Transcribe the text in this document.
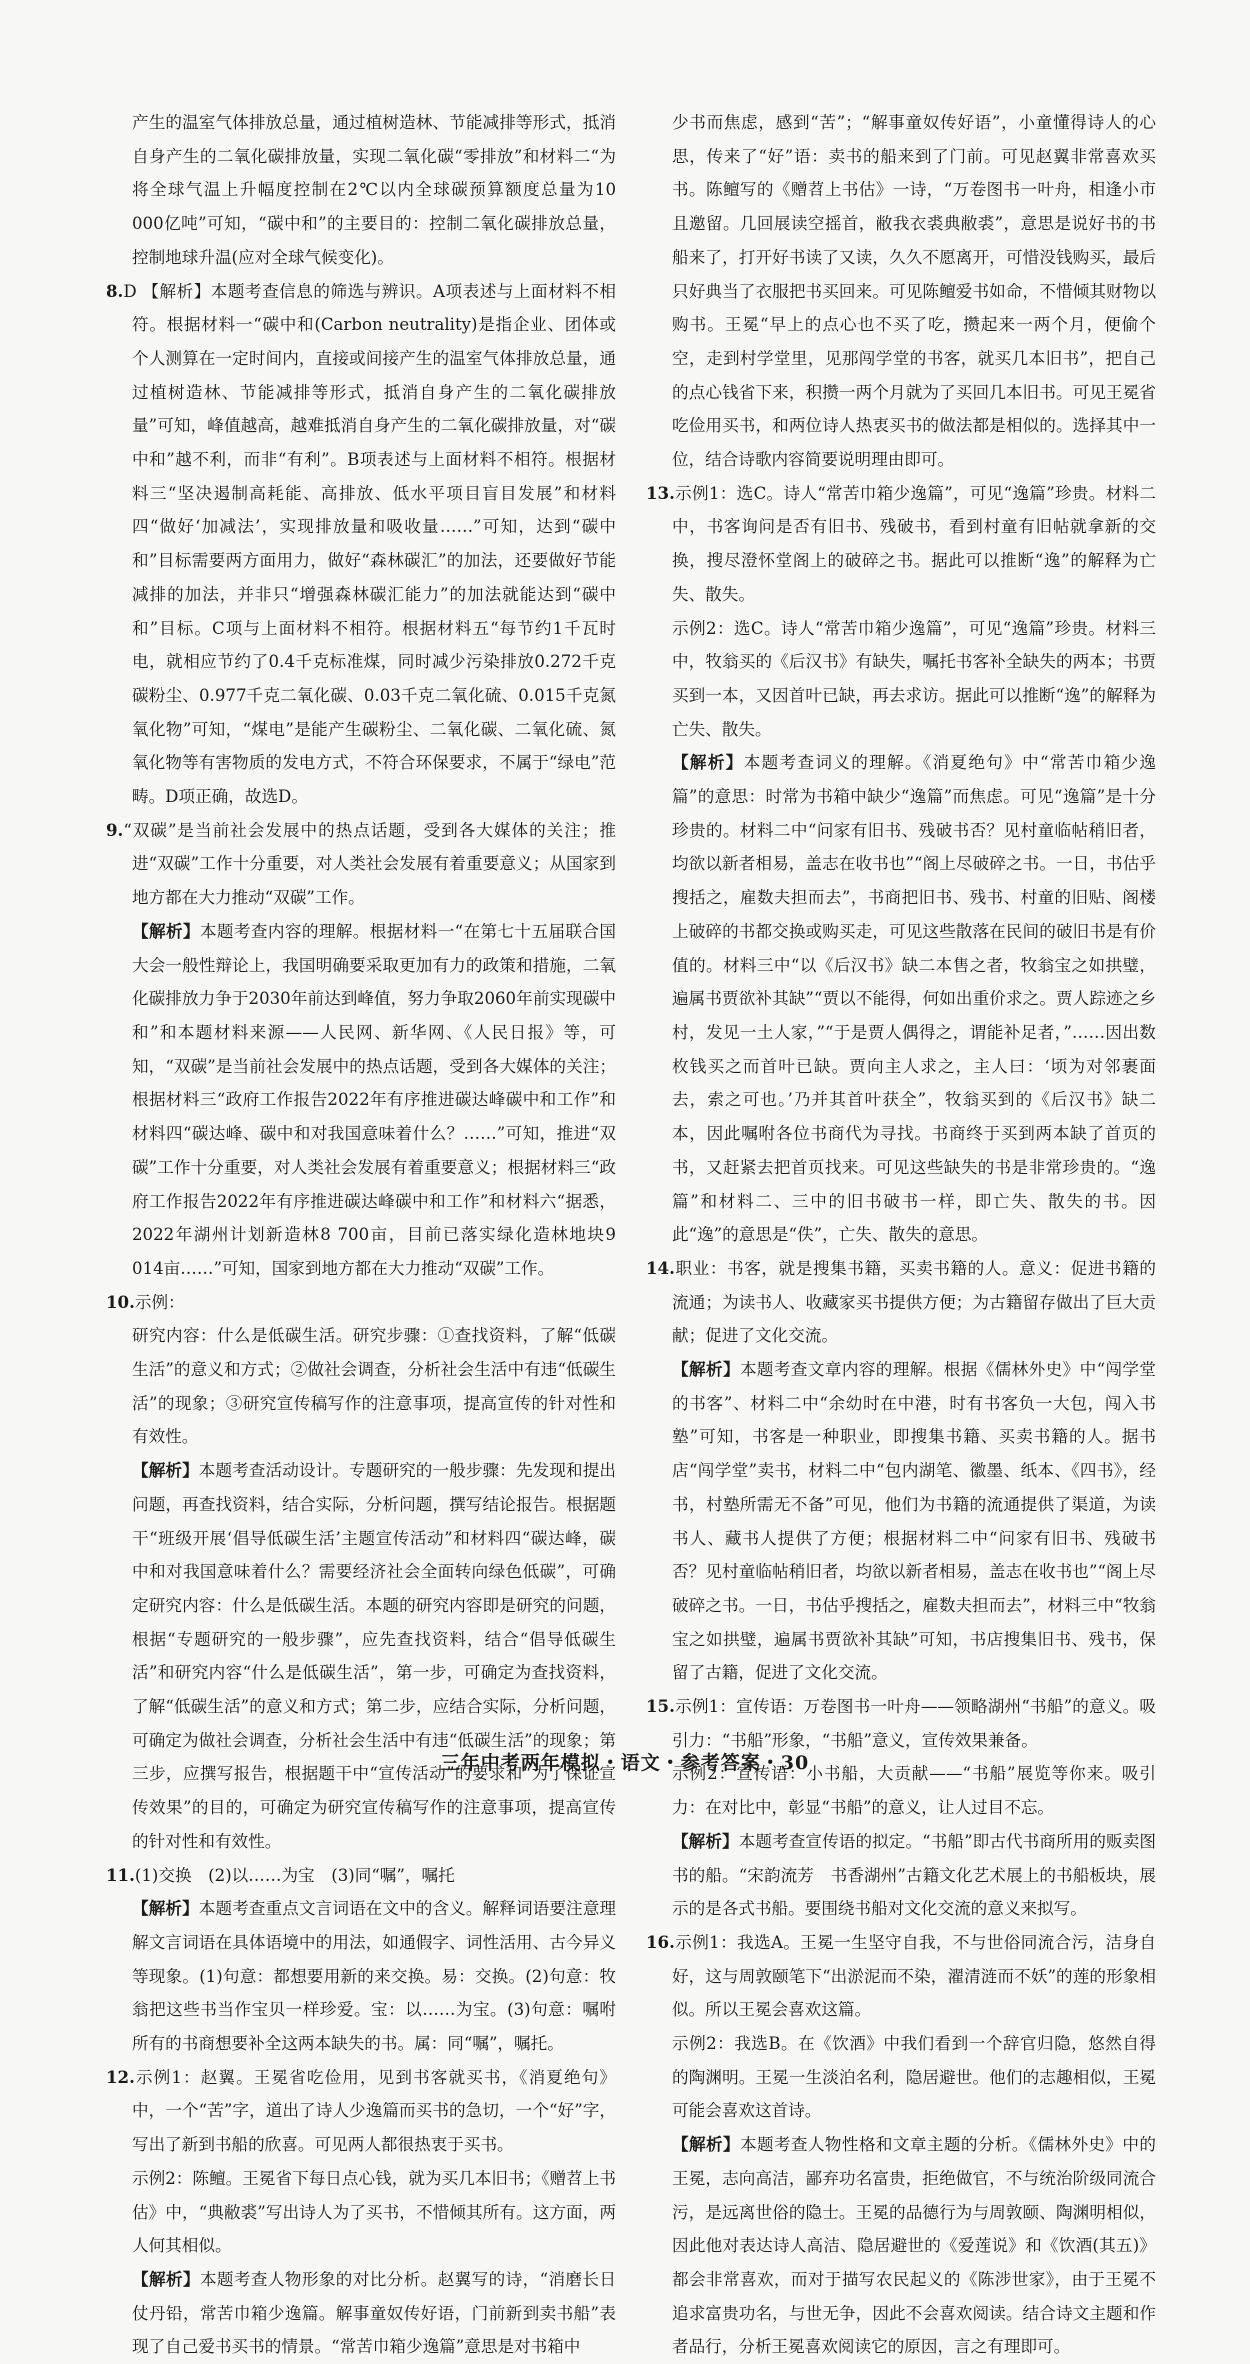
产生的温室气体排放总量，通过植树造林、节能减排等形式，抵消自身产生的二氧化碳排放量，实现二氧化碳“零排放”和材料二“为将全球气温上升幅度控制在2℃以内全球碳预算额度总量为10 000亿吨”可知，“碳中和”的主要目的：控制二氧化碳排放总量，控制地球升温(应对全球气候变化)。

8.D 【解析】本题考查信息的筛选与辨识。A项表述与上面材料不相符。根据材料一“碳中和(Carbon neutrality)是指企业、团体或个人测算在一定时间内，直接或间接产生的温室气体排放总量，通过植树造林、节能减排等形式，抵消自身产生的二氧化碳排放量”可知，峰值越高，越难抵消自身产生的二氧化碳排放量，对“碳中和”越不利，而非“有利”。B项表述与上面材料不相符。根据材料三“坚决遏制高耗能、高排放、低水平项目盲目发展”和材料四“做好‘加减法’，实现排放量和吸收量……”可知，达到“碳中和”目标需要两方面用力，做好“森林碳汇”的加法，还要做好节能减排的加法，并非只“增强森林碳汇能力”的加法就能达到“碳中和”目标。C项与上面材料不相符。根据材料五“每节约1千瓦时电，就相应节约了0.4千克标准煤，同时减少污染排放0.272千克碳粉尘、0.977千克二氧化碳、0.03千克二氧化硫、0.015千克氮氧化物”可知，“煤电”是能产生碳粉尘、二氧化碳、二氧化硫、氮氧化物等有害物质的发电方式，不符合环保要求，不属于“绿电”范畴。D项正确，故选D。

9.“双碳”是当前社会发展中的热点话题，受到各大媒体的关注；推进“双碳”工作十分重要，对人类社会发展有着重要意义；从国家到地方都在大力推动“双碳”工作。

【解析】本题考查内容的理解。根据材料一“在第七十五届联合国大会一般性辩论上，我国明确要采取更加有力的政策和措施，二氧化碳排放力争于2030年前达到峰值，努力争取2060年前实现碳中和”和本题材料来源——人民网、新华网、《人民日报》等，可知，“双碳”是当前社会发展中的热点话题，受到各大媒体的关注；根据材料三“政府工作报告2022年有序推进碳达峰碳中和工作”和材料四“碳达峰、碳中和对我国意味着什么？……”可知，推进“双碳”工作十分重要，对人类社会发展有着重要意义；根据材料三“政府工作报告2022年有序推进碳达峰碳中和工作”和材料六“据悉，2022年湖州计划新造林8 700亩，目前已落实绿化造林地块9 014亩……”可知，国家到地方都在大力推动“双碳”工作。

10.示例：

研究内容：什么是低碳生活。研究步骤：①查找资料，了解“低碳生活”的意义和方式；②做社会调查，分析社会生活中有违“低碳生活”的现象；③研究宣传稿写作的注意事项，提高宣传的针对性和有效性。

【解析】本题考查活动设计。专题研究的一般步骤：先发现和提出问题，再查找资料，结合实际，分析问题，撰写结论报告。根据题干“班级开展‘倡导低碳生活’主题宣传活动”和材料四“碳达峰，碳中和对我国意味着什么？需要经济社会全面转向绿色低碳”，可确定研究内容：什么是低碳生活。本题的研究内容即是研究的问题，根据“专题研究的一般步骤”，应先查找资料，结合“倡导低碳生活”和研究内容“什么是低碳生活”，第一步，可确定为查找资料，了解“低碳生活”的意义和方式；第二步，应结合实际，分析问题，可确定为做社会调查，分析社会生活中有违“低碳生活”的现象；第三步，应撰写报告，根据题干中“宣传活动”的要求和“为了保证宣传效果”的目的，可确定为研究宣传稿写作的注意事项，提高宣传的针对性和有效性。

11.(1)交换　(2)以……为宝　(3)同“嘱”，嘱托

【解析】本题考查重点文言词语在文中的含义。解释词语要注意理解文言词语在具体语境中的用法，如通假字、词性活用、古今异义等现象。(1)句意：都想要用新的来交换。易：交换。(2)句意：牧翁把这些书当作宝贝一样珍爱。宝：以……为宝。(3)句意：嘱咐所有的书商想要补全这两本缺失的书。属：同“嘱”，嘱托。

12.示例1：赵翼。王冕省吃俭用，见到书客就买书，《消夏绝句》中，一个“苦”字，道出了诗人少逸篇而买书的急切，一个“好”字，写出了新到书船的欣喜。可见两人都很热衷于买书。

示例2：陈鳣。王冕省下每日点心钱，就为买几本旧书；《赠苕上书估》中，“典敝裘”写出诗人为了买书，不惜倾其所有。这方面，两人何其相似。

【解析】本题考查人物形象的对比分析。赵翼写的诗，“消磨长日仗丹铅，常苦巾箱少逸篇。解事童奴传好语，门前新到卖书船”表现了自己爱书买书的情景。“常苦巾箱少逸篇”意思是对书箱中

少书而焦虑，感到“苦”；“解事童奴传好语”，小童懂得诗人的心思，传来了“好”语：卖书的船来到了门前。可见赵翼非常喜欢买书。陈鳣写的《赠苕上书估》一诗，“万卷图书一叶舟，相逢小市且邀留。几回展读空摇首，敝我衣裘典敝裘”，意思是说好书的书船来了，打开好书读了又读，久久不愿离开，可惜没钱购买，最后只好典当了衣服把书买回来。可见陈鳣爱书如命，不惜倾其财物以购书。王冕“早上的点心也不买了吃，攒起来一两个月，便偷个空，走到村学堂里，见那闯学堂的书客，就买几本旧书”，把自己的点心钱省下来，积攒一两个月就为了买回几本旧书。可见王冕省吃俭用买书，和两位诗人热衷买书的做法都是相似的。选择其中一位，结合诗歌内容简要说明理由即可。

13.示例1：选C。诗人“常苦巾箱少逸篇”，可见“逸篇”珍贵。材料二中，书客询问是否有旧书、残破书，看到村童有旧帖就拿新的交换，搜尽澄怀堂阁上的破碎之书。据此可以推断“逸”的解释为亡失、散失。

示例2：选C。诗人“常苦巾箱少逸篇”，可见“逸篇”珍贵。材料三中，牧翁买的《后汉书》有缺失，嘱托书客补全缺失的两本；书贾买到一本，又因首叶已缺，再去求访。据此可以推断“逸”的解释为亡失、散失。

【解析】本题考查词义的理解。《消夏绝句》中“常苦巾箱少逸篇”的意思：时常为书箱中缺少“逸篇”而焦虑。可见“逸篇”是十分珍贵的。材料二中“问家有旧书、残破书否？见村童临帖稍旧者，均欲以新者相易，盖志在收书也”“阁上尽破碎之书。一日，书估乎搜括之，雇数夫担而去”，书商把旧书、残书、村童的旧贴、阁楼上破碎的书都交换或购买走，可见这些散落在民间的破旧书是有价值的。材料三中“以《后汉书》缺二本售之者，牧翁宝之如拱璧，遍属书贾欲补其缺”“贾以不能得，何如出重价求之。贾人踪迹之乡村，发见一土人家，”“于是贾人偶得之，谓能补足者，”……因出数枚钱买之而首叶已缺。贾向主人求之，主人曰：‘顷为对邻裹面去，索之可也。’乃并其首叶获全”，牧翁买到的《后汉书》缺二本，因此嘱咐各位书商代为寻找。书商终于买到两本缺了首页的书，又赶紧去把首页找来。可见这些缺失的书是非常珍贵的。“逸篇”和材料二、三中的旧书破书一样，即亡失、散失的书。因此“逸”的意思是“佚”，亡失、散失的意思。

14.职业：书客，就是搜集书籍，买卖书籍的人。意义：促进书籍的流通；为读书人、收藏家买书提供方便；为古籍留存做出了巨大贡献；促进了文化交流。

【解析】本题考查文章内容的理解。根据《儒林外史》中“闯学堂的书客”、材料二中“余幼时在中港，时有书客负一大包，闯入书塾”可知，书客是一种职业，即搜集书籍、买卖书籍的人。据书店“闯学堂”卖书，材料二中“包内湖笔、徽墨、纸本、《四书》，经书，村塾所需无不备”可见，他们为书籍的流通提供了渠道，为读书人、藏书人提供了方便；根据材料二中“问家有旧书、残破书否？见村童临帖稍旧者，均欲以新者相易，盖志在收书也”“阁上尽破碎之书。一日，书估乎搜括之，雇数夫担而去”，材料三中“牧翁宝之如拱璧，遍属书贾欲补其缺”可知，书店搜集旧书、残书，保留了古籍，促进了文化交流。

15.示例1：宣传语：万卷图书一叶舟——领略湖州“书船”的意义。吸引力：“书船”形象，“书船”意义，宣传效果兼备。

示例2：宣传语：小书船，大贡献——“书船”展览等你来。吸引力：在对比中，彰显“书船”的意义，让人过目不忘。

【解析】本题考查宣传语的拟定。“书船”即古代书商所用的贩卖图书的船。“宋韵流芳　书香湖州”古籍文化艺术展上的书船板块，展示的是各式书船。要围绕书船对文化交流的意义来拟写。

16.示例1：我选A。王冕一生坚守自我，不与世俗同流合污，洁身自好，这与周敦颐笔下“出淤泥而不染，濯清涟而不妖”的莲的形象相似。所以王冕会喜欢这篇。

示例2：我选B。在《饮酒》中我们看到一个辞官归隐，悠然自得的陶渊明。王冕一生淡泊名利，隐居避世。他们的志趣相似，王冕可能会喜欢这首诗。

【解析】本题考查人物性格和文章主题的分析。《儒林外史》中的王冕，志向高洁，鄙弃功名富贵，拒绝做官，不与统治阶级同流合污，是远离世俗的隐士。王冕的品德行为与周敦颐、陶渊明相似，因此他对表达诗人高洁、隐居避世的《爱莲说》和《饮酒(其五)》都会非常喜欢，而对于描写农民起义的《陈涉世家》，由于王冕不追求富贵功名，与世无争，因此不会喜欢阅读。结合诗文主题和作者品行，分析王冕喜欢阅读它的原因，言之有理即可。

三年中考两年模拟・语文・参考答案・30
